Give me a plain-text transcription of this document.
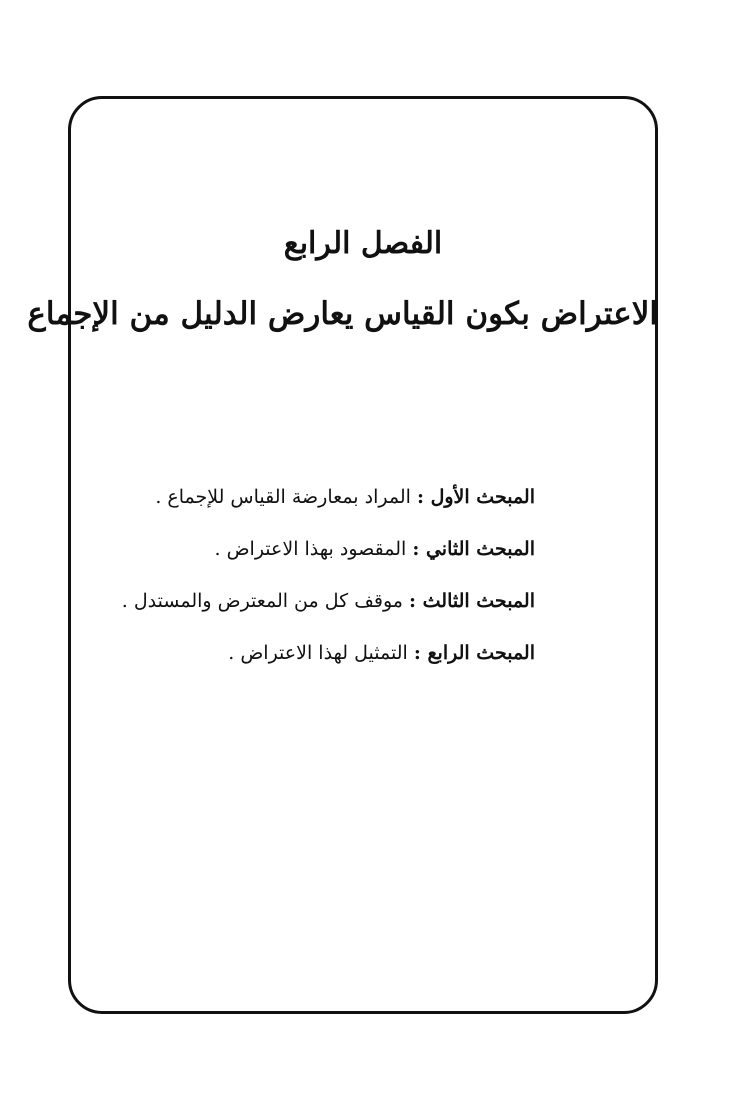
الفصل الرابع
الاعتراض بكون القياس يعارض الدليل من الإجماع
المبحث الأول : المراد بمعارضة القياس للإجماع .
المبحث الثاني : المقصود بهذا الاعتراض .
المبحث الثالث : موقف كل من المعترض والمستدل .
المبحث الرابع : التمثيل لهذا الاعتراض .
